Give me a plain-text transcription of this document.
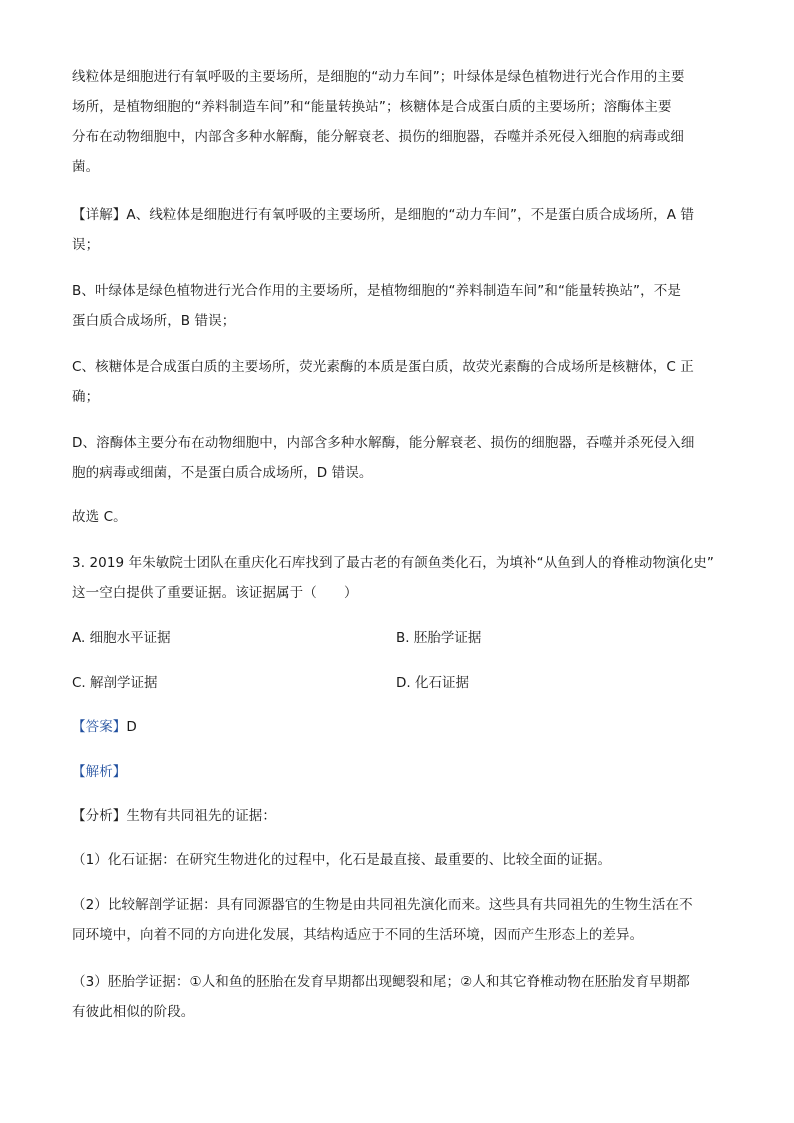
线粒体是细胞进行有氧呼吸的主要场所，是细胞的“动力车间”；叶绿体是绿色植物进行光合作用的主要
场所，是植物细胞的“养料制造车间”和“能量转换站”；核糖体是合成蛋白质的主要场所；溶酶体主要
分布在动物细胞中，内部含多种水解酶，能分解衰老、损伤的细胞器，吞噬并杀死侵入细胞的病毒或细
菌。
【详解】A、线粒体是细胞进行有氧呼吸的主要场所，是细胞的“动力车间”，不是蛋白质合成场所，A 错
误；
B、叶绿体是绿色植物进行光合作用的主要场所，是植物细胞的“养料制造车间”和“能量转换站”，不是
蛋白质合成场所，B 错误；
C、核糖体是合成蛋白质的主要场所，荧光素酶的本质是蛋白质，故荧光素酶的合成场所是核糖体，C 正
确；
D、溶酶体主要分布在动物细胞中，内部含多种水解酶，能分解衰老、损伤的细胞器，吞噬并杀死侵入细
胞的病毒或细菌，不是蛋白质合成场所，D 错误。
故选 C。
3. 2019 年朱敏院士团队在重庆化石库找到了最古老的有颌鱼类化石，为填补“从鱼到人的脊椎动物演化史”
这一空白提供了重要证据。该证据属于（　　）
A. 细胞水平证据	B. 胚胎学证据
C. 解剖学证据	D. 化石证据
【答案】D
【解析】
【分析】生物有共同祖先的证据：
（1）化石证据：在研究生物进化的过程中，化石是最直接、最重要的、比较全面的证据。
（2）比较解剖学证据：具有同源器官的生物是由共同祖先演化而来。这些具有共同祖先的生物生活在不
同环境中，向着不同的方向进化发展，其结构适应于不同的生活环境，因而产生形态上的差异。
（3）胚胎学证据：①人和鱼的胚胎在发育早期都出现鳃裂和尾；②人和其它脊椎动物在胚胎发育早期都
有彼此相似的阶段。
